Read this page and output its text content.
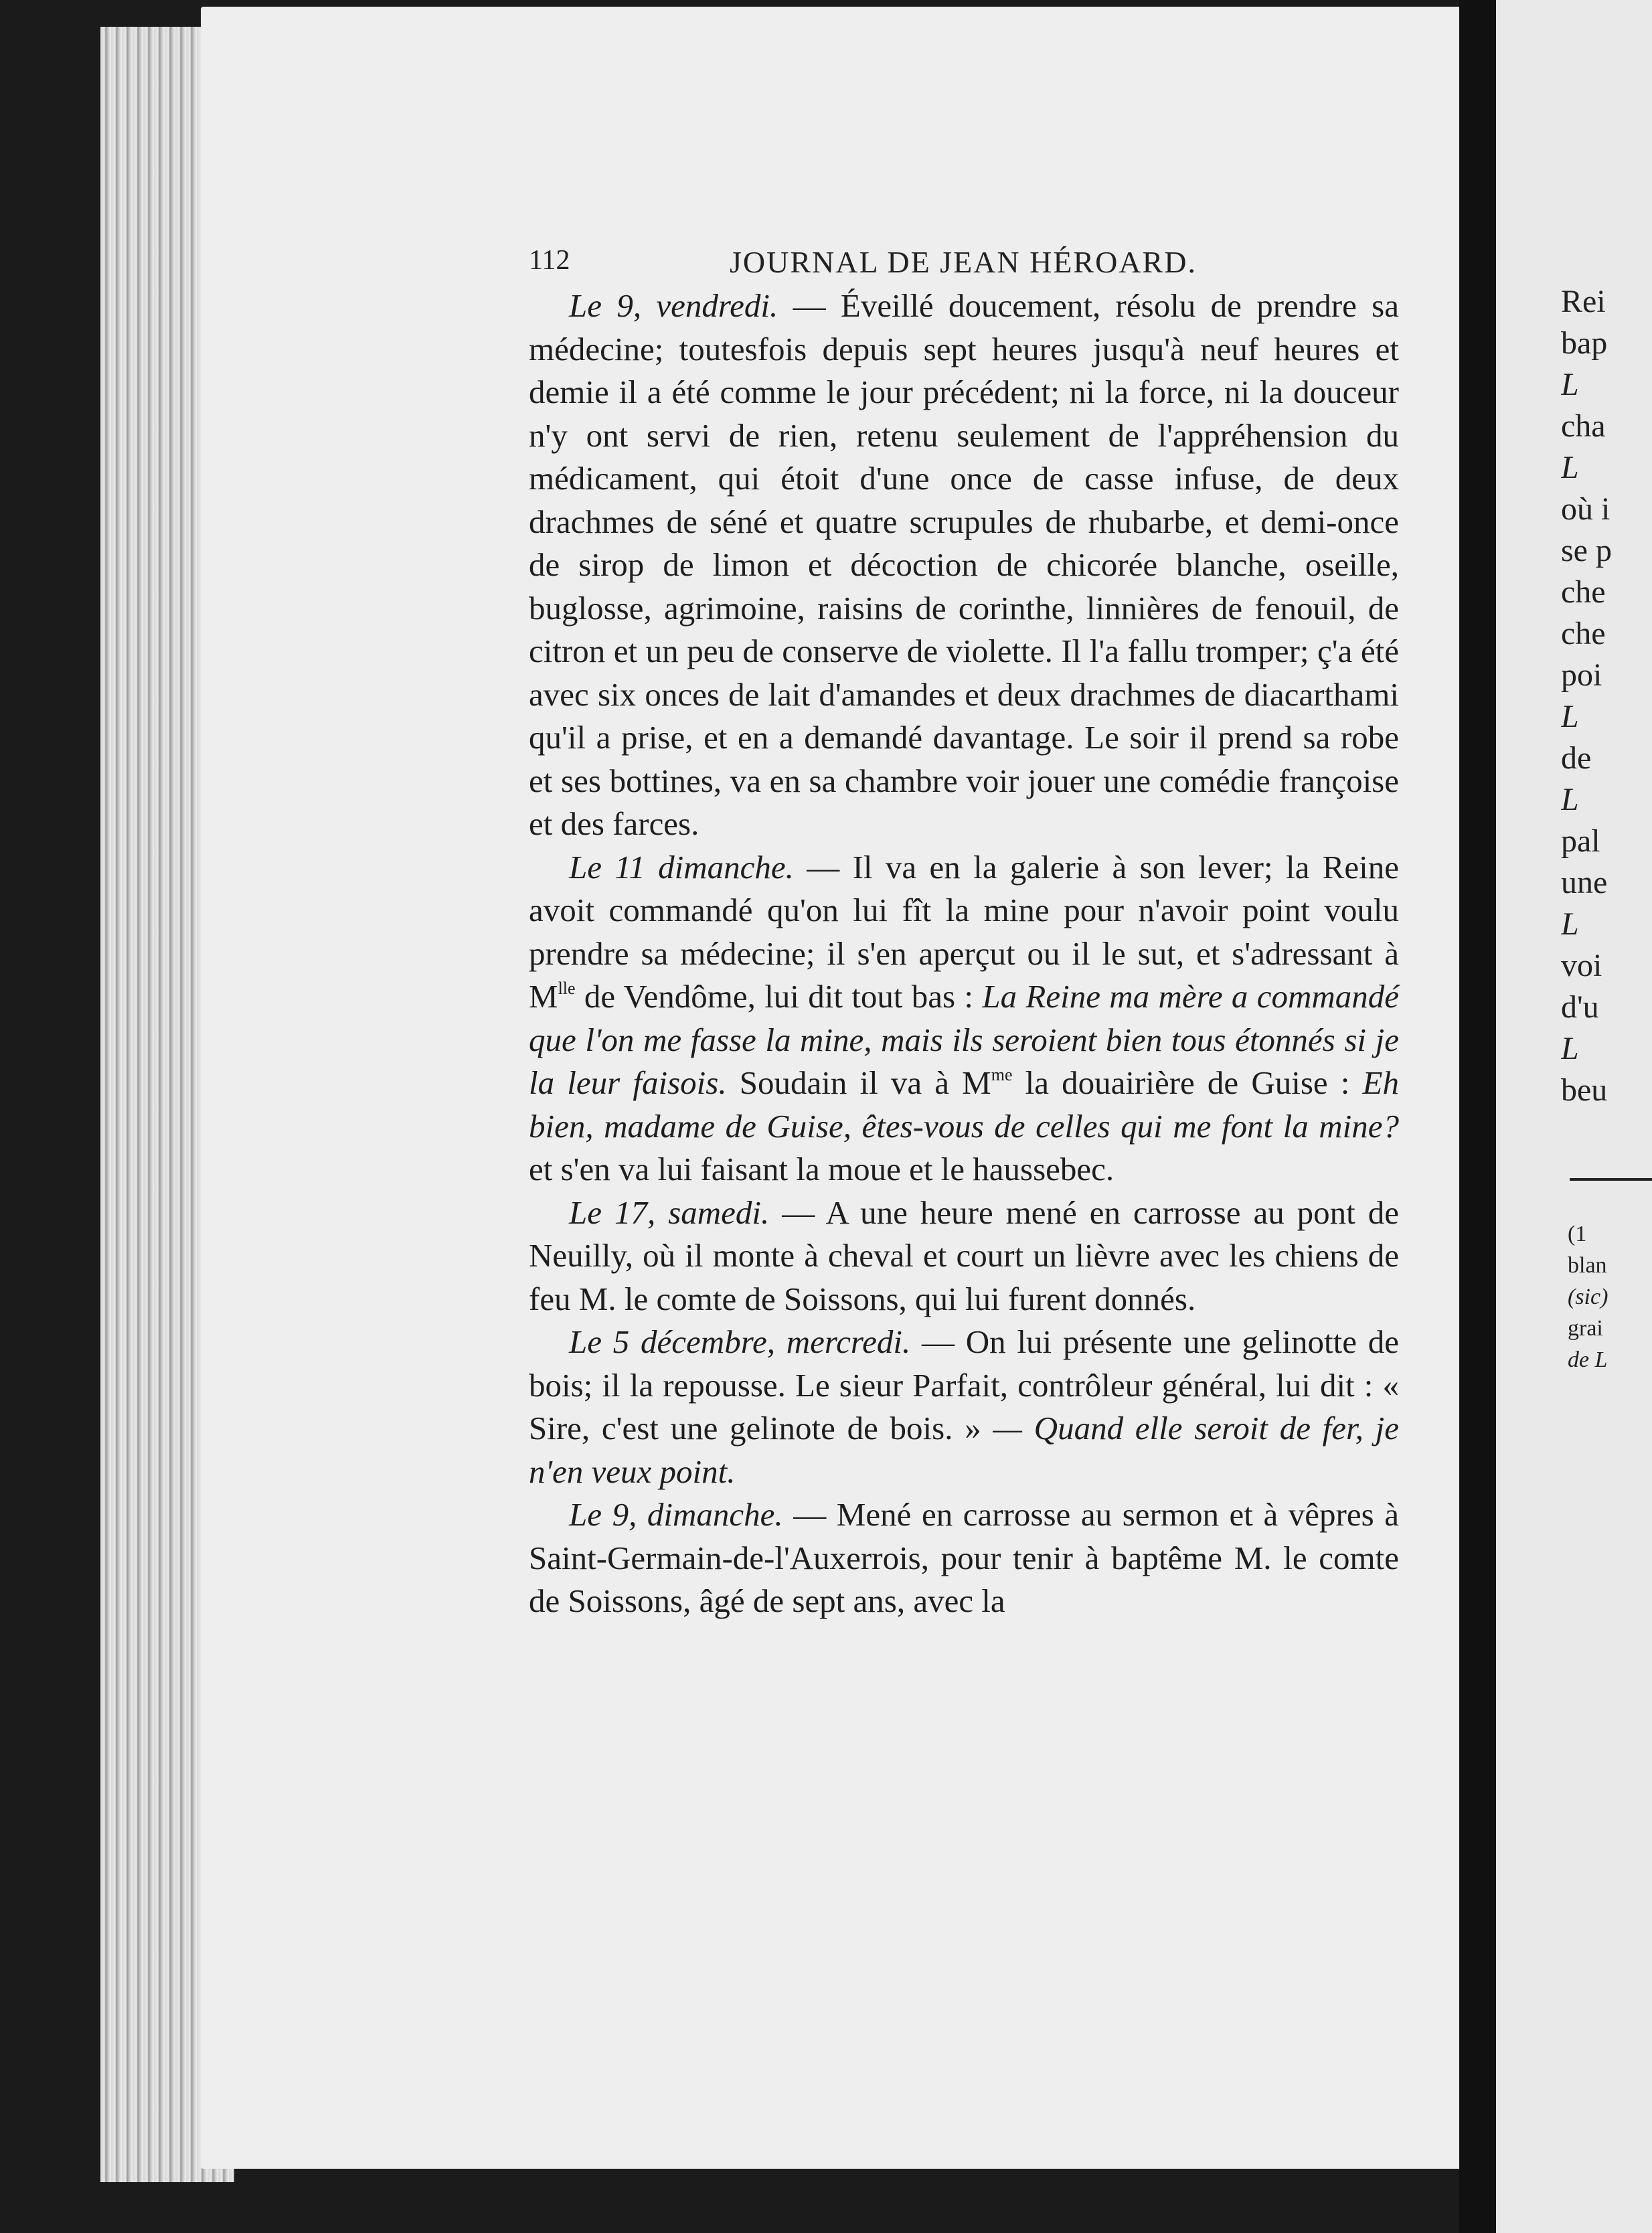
112	JOURNAL DE JEAN HÉROARD.

Le 9, vendredi. — Éveillé doucement, résolu de prendre sa médecine; toutesfois depuis sept heures jusqu'à neuf heures et demie il a été comme le jour précédent; ni la force, ni la douceur n'y ont servi de rien, retenu seulement de l'appréhension du médicament, qui étoit d'une once de casse infuse, de deux drachmes de séné et quatre scrupules de rhubarbe, et demi-once de sirop de limon et décoction de chicorée blanche, oseille, buglosse, agrimoine, raisins de corinthe, linnières de fenouil, de citron et un peu de conserve de violette. Il l'a fallu tromper; ç'a été avec six onces de lait d'amandes et deux drachmes de diacarthami qu'il a prise, et en a demandé davantage. Le soir il prend sa robe et ses bottines, va en sa chambre voir jouer une comédie françoise et des farces.

Le 11 dimanche. — Il va en la galerie à son lever; la Reine avoit commandé qu'on lui fît la mine pour n'avoir point voulu prendre sa médecine; il s'en aperçut ou il le sut, et s'adressant à $M^{lle}$ de Vendôme, lui dit tout bas : La Reine ma mère a commandé que l'on me fasse la mine, mais ils seroient bien tous étonnés si je la leur faisois. Soudain il va à $M^{me}$ la douairière de Guise : Eh bien, madame de Guise, êtes-vous de celles qui me font la mine? et s'en va lui faisant la moue et le haussebec.

Le 17, samedi. — A une heure mené en carrosse au pont de Neuilly, où il monte à cheval et court un lièvre avec les chiens de feu M. le comte de Soissons, qui lui furent donnés.

Le 5 décembre, mercredi. — On lui présente une gelinotte de bois; il la repousse. Le sieur Parfait, contrôleur général, lui dit : « Sire, c'est une gelinote de bois. » — Quand elle seroit de fer, je n'en veux point.

Le 9, dimanche. — Mené en carrosse au sermon et à vêpres à Saint-Germain-de-l'Auxerrois, pour tenir à baptême M. le comte de Soissons, âgé de sept ans, avec la

Rei
bap
L
cha
L
où i
se p
che
che
poi
L
de
L
pal
une
L
voi
d'u
L
beu
(1
blan
(sic)
grai
de L
